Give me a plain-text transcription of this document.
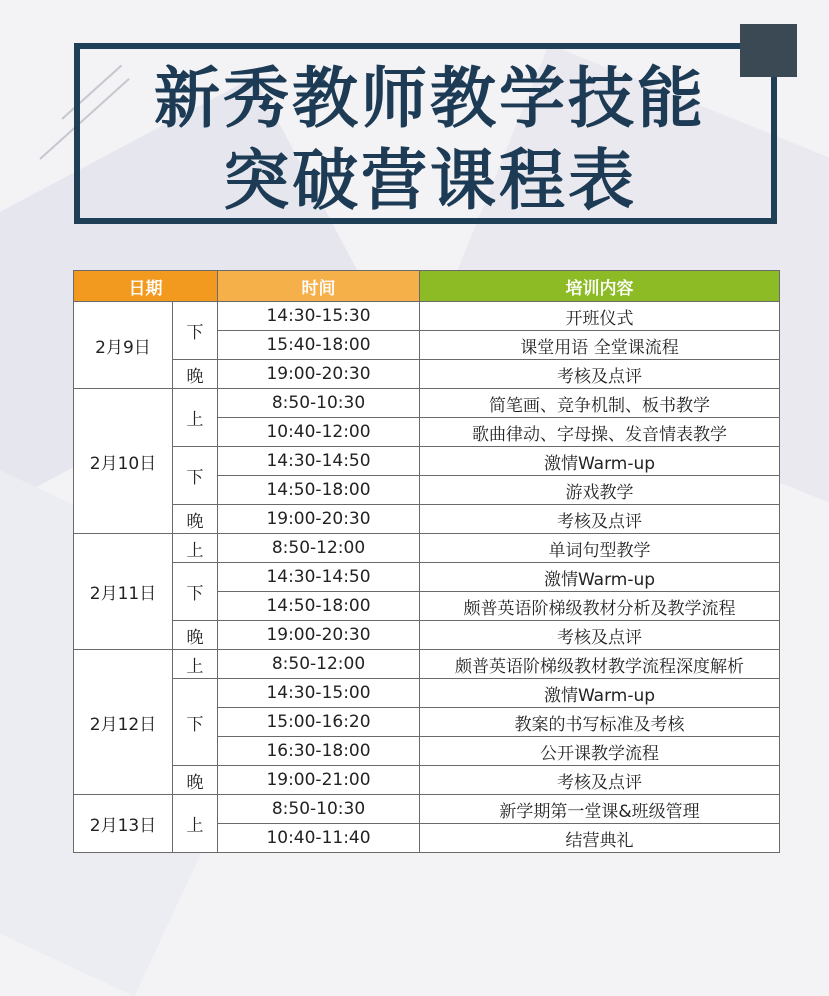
新秀教师教学技能
突破营课程表
日期		时间	培训内容
2月9日	下	14:30-15:30	开班仪式
		15:40-18:00	课堂用语 全堂课流程
	晚	19:00-20:30	考核及点评
2月10日	上	8:50-10:30	简笔画、竞争机制、板书教学
		10:40-12:00	歌曲律动、字母操、发音情表教学
	下	14:30-14:50	激情Warm-up
		14:50-18:00	游戏教学
	晚	19:00-20:30	考核及点评
2月11日	上	8:50-12:00	单词句型教学
	下	14:30-14:50	激情Warm-up
		14:50-18:00	颇普英语阶梯级教材分析及教学流程
	晚	19:00-20:30	考核及点评
2月12日	上	8:50-12:00	颇普英语阶梯级教材教学流程深度解析
	下	14:30-15:00	激情Warm-up
		15:00-16:20	教案的书写标准及考核
		16:30-18:00	公开课教学流程
	晚	19:00-21:00	考核及点评
2月13日	上	8:50-10:30	新学期第一堂课&班级管理
		10:40-11:40	结营典礼
